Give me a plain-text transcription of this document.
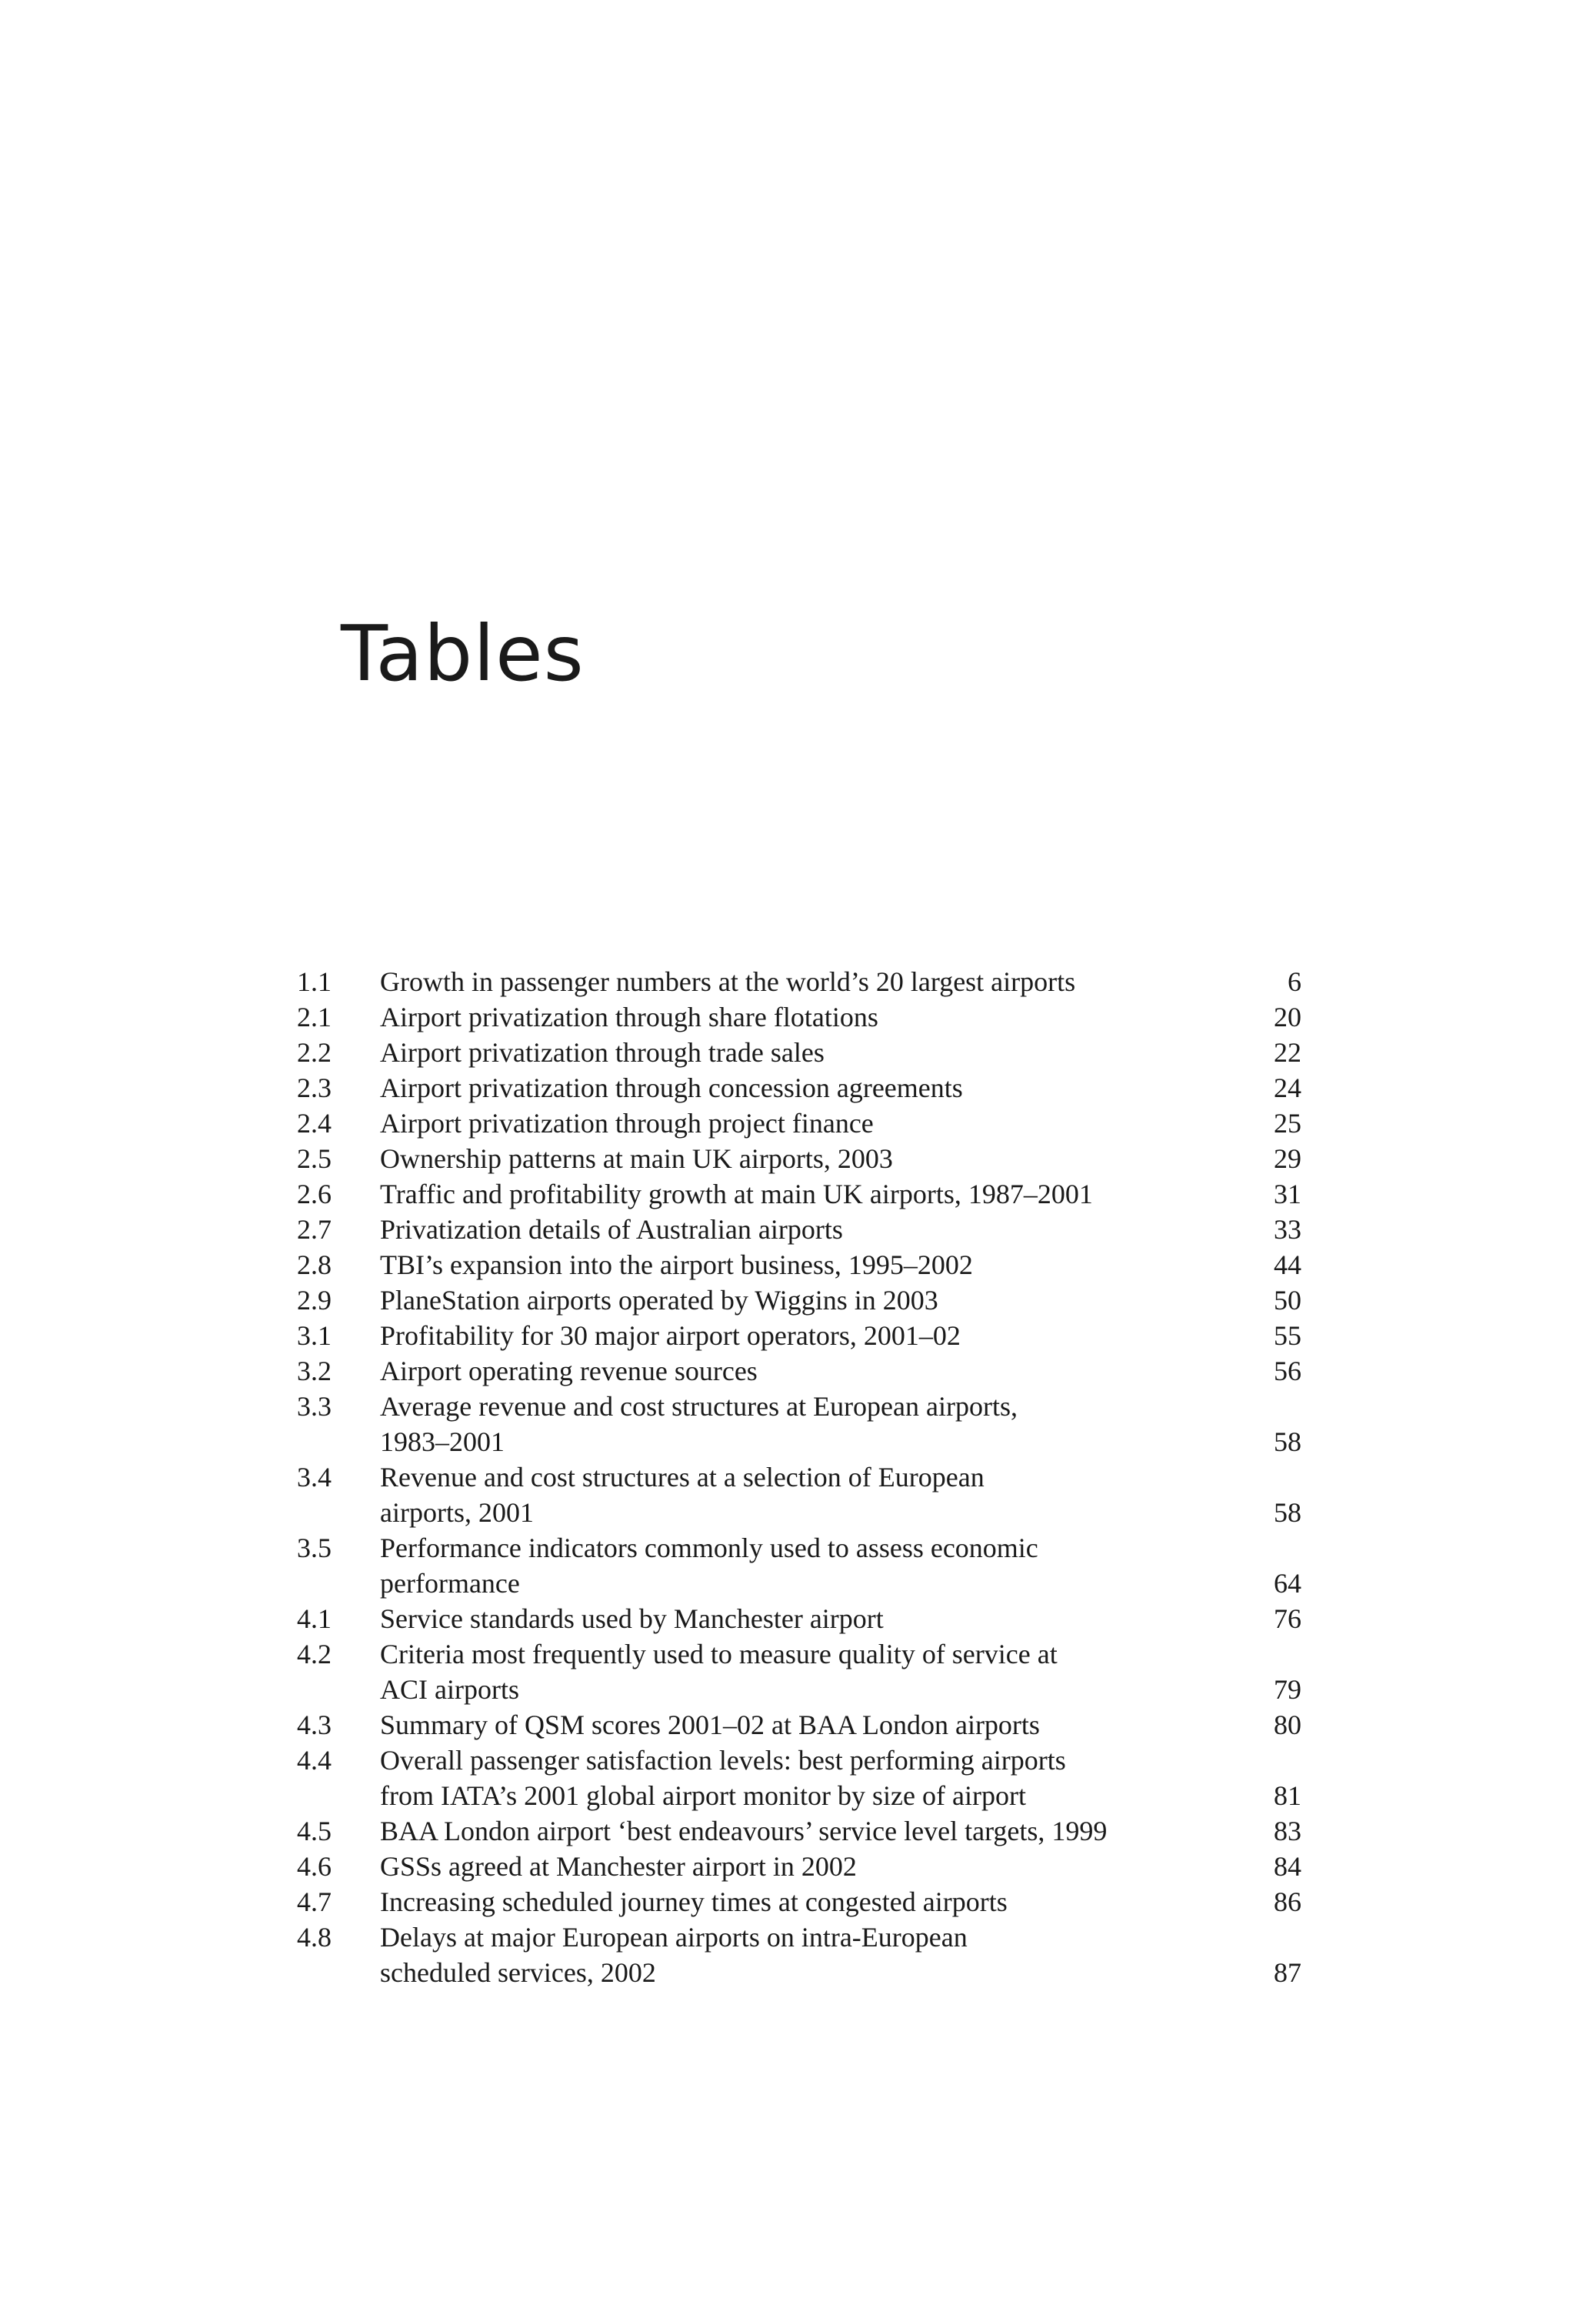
Tables
1.1	Growth in passenger numbers at the world’s 20 largest airports	6
2.1	Airport privatization through share flotations	20
2.2	Airport privatization through trade sales	22
2.3	Airport privatization through concession agreements	24
2.4	Airport privatization through project finance	25
2.5	Ownership patterns at main UK airports, 2003	29
2.6	Traffic and profitability growth at main UK airports, 1987–2001	31
2.7	Privatization details of Australian airports	33
2.8	TBI’s expansion into the airport business, 1995–2002	44
2.9	PlaneStation airports operated by Wiggins in 2003	50
3.1	Profitability for 30 major airport operators, 2001–02	55
3.2	Airport operating revenue sources	56
3.3	Average revenue and cost structures at European airports,
1983–2001	58
3.4	Revenue and cost structures at a selection of European
airports, 2001	58
3.5	Performance indicators commonly used to assess economic
performance	64
4.1	Service standards used by Manchester airport	76
4.2	Criteria most frequently used to measure quality of service at
ACI airports	79
4.3	Summary of QSM scores 2001–02 at BAA London airports	80
4.4	Overall passenger satisfaction levels: best performing airports
from IATA’s 2001 global airport monitor by size of airport	81
4.5	BAA London airport ‘best endeavours’ service level targets, 1999	83
4.6	GSSs agreed at Manchester airport in 2002	84
4.7	Increasing scheduled journey times at congested airports	86
4.8	Delays at major European airports on intra-European
scheduled services, 2002	87
